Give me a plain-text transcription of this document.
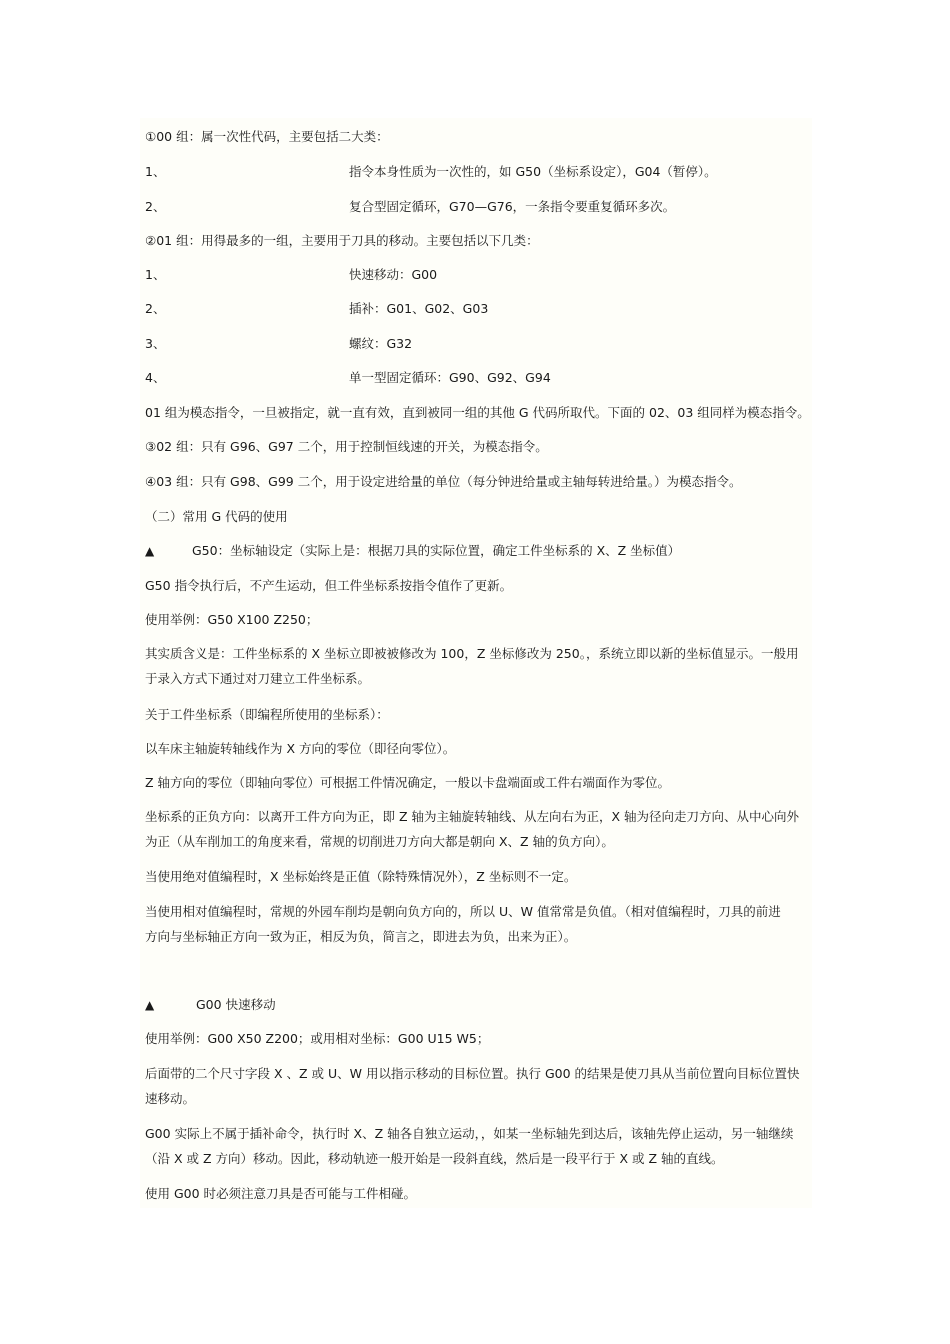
①00 组：属一次性代码，主要包括二大类：
1、	指令本身性质为一次性的，如 G50（坐标系设定），G04（暂停）。
2、	复合型固定循环，G70—G76，一条指令要重复循环多次。
②01 组：用得最多的一组，主要用于刀具的移动。主要包括以下几类：
1、	快速移动：G00
2、	插补：G01、G02、G03
3、	螺纹：G32
4、	单一型固定循环：G90、G92、G94
01 组为模态指令，一旦被指定，就一直有效，直到被同一组的其他 G 代码所取代。下面的 02、03 组同样为模态指令。
③02 组：只有 G96、G97 二个，用于控制恒线速的开关，为模态指令。
④03 组：只有 G98、G99 二个，用于设定进给量的单位（每分钟进给量或主轴每转进给量。）为模态指令。
（二）常用 G 代码的使用
▲	G50：坐标轴设定（实际上是：根据刀具的实际位置，确定工件坐标系的 X、Z 坐标值）
G50 指令执行后，不产生运动，但工件坐标系按指令值作了更新。
使用举例：G50 X100 Z250；
其实质含义是：工件坐标系的 X 坐标立即被被修改为 100，Z 坐标修改为 250。，系统立即以新的坐标值显示。一般用
于录入方式下通过对刀建立工件坐标系。
关于工件坐标系（即编程所使用的坐标系）：
以车床主轴旋转轴线作为 X 方向的零位（即径向零位）。
Z 轴方向的零位（即轴向零位）可根据工件情况确定，一般以卡盘端面或工件右端面作为零位。
坐标系的正负方向：以离开工件方向为正，即 Z 轴为主轴旋转轴线、从左向右为正，X 轴为径向走刀方向、从中心向外
为正（从车削加工的角度来看，常规的切削进刀方向大都是朝向 X、Z 轴的负方向）。
当使用绝对值编程时，X 坐标始终是正值（除特殊情况外），Z 坐标则不一定。
当使用相对值编程时，常规的外园车削均是朝向负方向的，所以 U、W 值常常是负值。（相对值编程时，刀具的前进
方向与坐标轴正方向一致为正，相反为负，简言之，即进去为负，出来为正）。
▲	G00 快速移动
使用举例：G00 X50 Z200；或用相对坐标：G00 U15 W5；
后面带的二个尺寸字段 X 、Z 或 U、W 用以指示移动的目标位置。执行 G00 的结果是使刀具从当前位置向目标位置快
速移动。
G00 实际上不属于插补命令，执行时 X、Z 轴各自独立运动，，如某一坐标轴先到达后，该轴先停止运动，另一轴继续
（沿 X 或 Z 方向）移动。因此，移动轨迹一般开始是一段斜直线，然后是一段平行于 X 或 Z 轴的直线。
使用 G00 时必须注意刀具是否可能与工件相碰。
